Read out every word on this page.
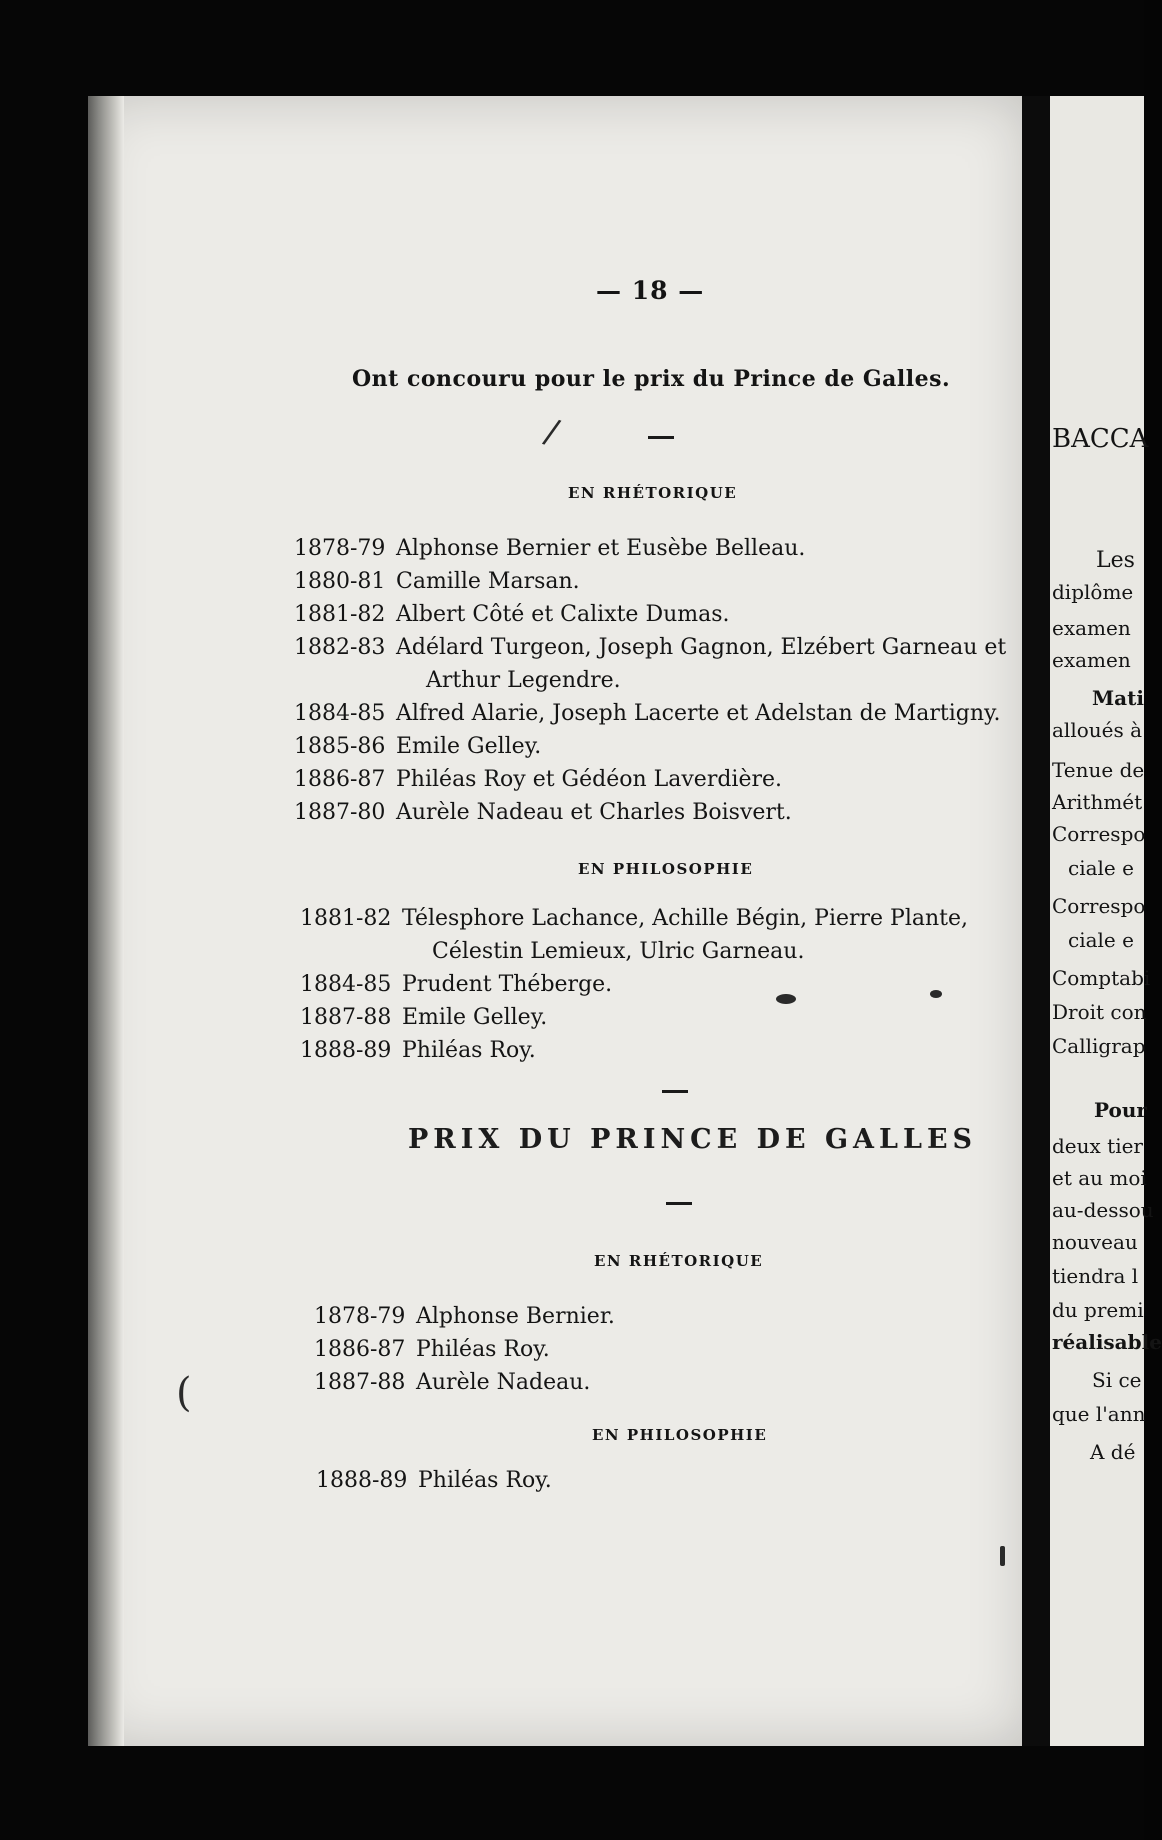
— 18 —
Ont concouru pour le prix du Prince de Galles.
/
EN RHÉTORIQUE
1878-79 Alphonse Bernier et Eusèbe Belleau.
1880-81 Camille Marsan.
1881-82 Albert Côté et Calixte Dumas.
1882-83 Adélard Turgeon, Joseph Gagnon, Elzébert Garneau et
Arthur Legendre.
1884-85 Alfred Alarie, Joseph Lacerte et Adelstan de Martigny.
1885-86 Emile Gelley.
1886-87 Philéas Roy et Gédéon Laverdière.
1887-80 Aurèle Nadeau et Charles Boisvert.
EN PHILOSOPHIE
1881-82 Télesphore Lachance, Achille Bégin, Pierre Plante,
Célestin Lemieux, Ulric Garneau.
1884-85 Prudent Théberge.
1887-88 Emile Gelley.
1888-89 Philéas Roy.
PRIX DU PRINCE DE GALLES
EN RHÉTORIQUE
1878-79 Alphonse Bernier.
1886-87 Philéas Roy.
1887-88 Aurèle Nadeau.
EN PHILOSOPHIE
1888-89 Philéas Roy.
(
BACCA
Les
diplôme
examen
examen
Mati
alloués à
Tenue de
Arithmét
Correspo
ciale e
Correspo
ciale e
Comptabi
Droit con
Calligrap
Pour
deux tier
et au moi
au-dessou
nouveau
tiendra l
du premi
réalisable
Si ce
que l'ann
A dé
